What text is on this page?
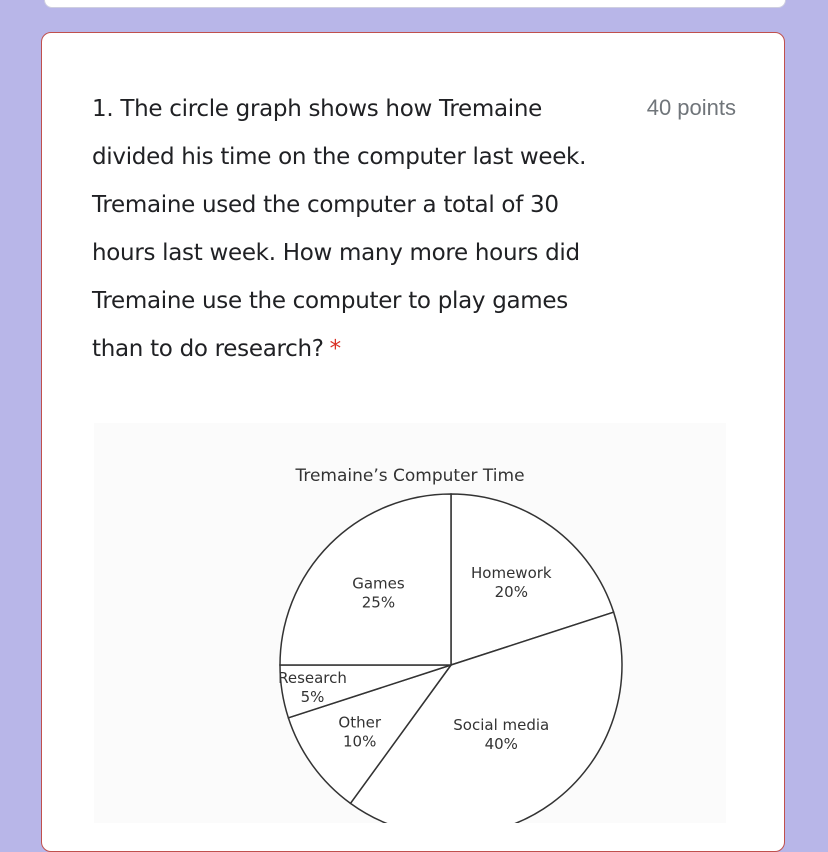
1. The circle graph shows how Tremaine divided his time on the computer last week. Tremaine used the computer a total of 30 hours last week. How many more hours did Tremaine use the computer to play games than to do research? *

40 points
Tremaine’s Computer Time
Homework
20%
Social media
40%
Other
10%
Research
5%
Games
25%
